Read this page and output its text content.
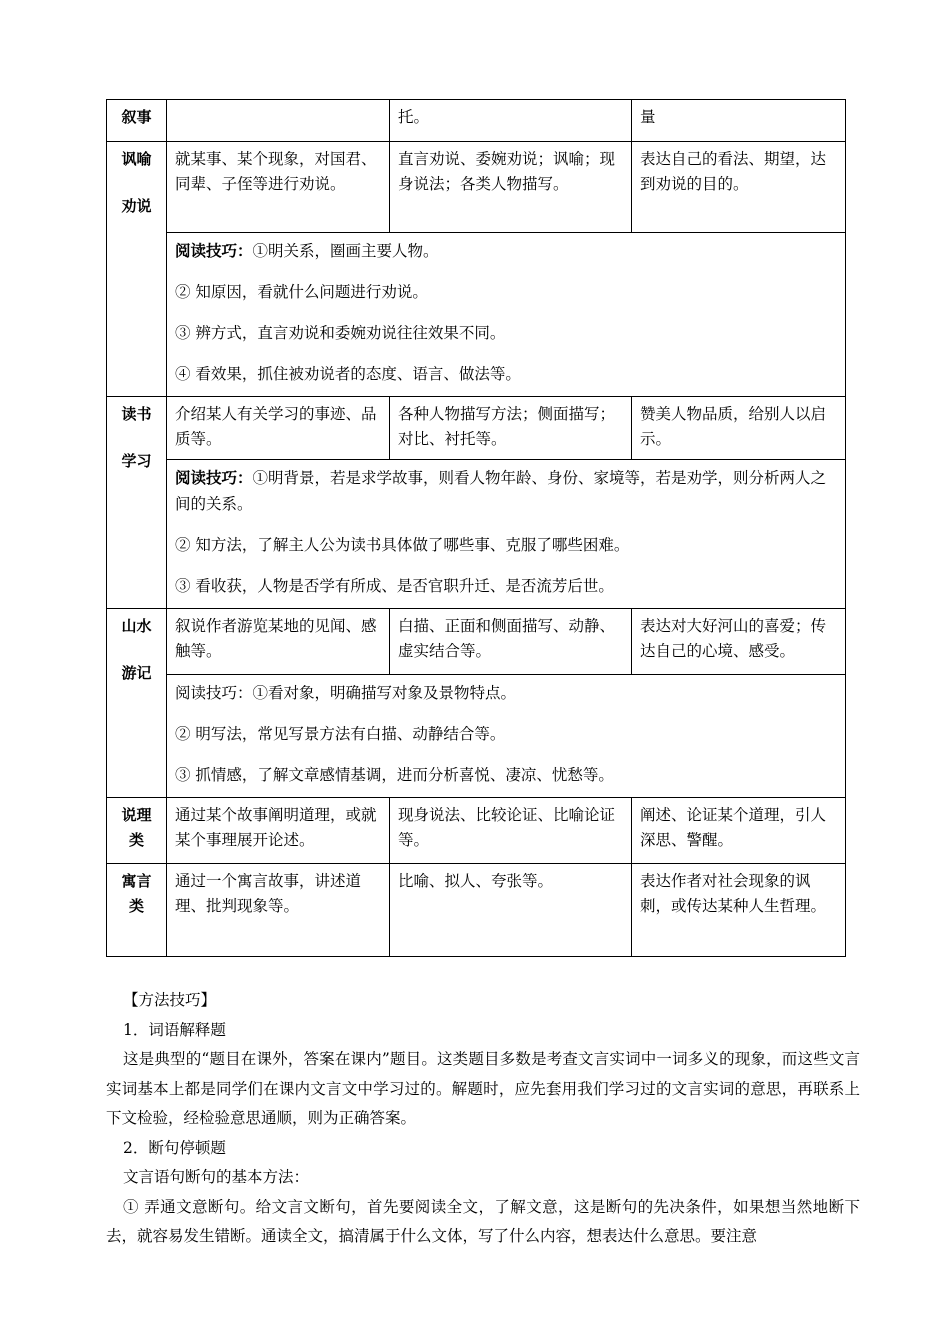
叙事		托。	量
讽喻
劝说	就某事、某个现象，对国君、同辈、子侄等进行劝说。	直言劝说、委婉劝说；讽喻；现身说法；各类人物描写。	表达自己的看法、期望，达到劝说的目的。

	阅读技巧：①明关系，圈画主要人物。

② 知原因，看就什么问题进行劝说。

③ 辨方式，直言劝说和委婉劝说往往效果不同。

④ 看效果，抓住被劝说者的态度、语言、做法等。		

读书
学习	介绍某人有关学习的事迹、品质等。	各种人物描写方法；侧面描写；对比、衬托等。	赞美人物品质，给别人以启示。

	阅读技巧：①明背景，若是求学故事，则看人物年龄、身份、家境等，若是劝学，则分析两人之间的关系。

② 知方法，了解主人公为读书具体做了哪些事、克服了哪些困难。

③ 看收获，人物是否学有所成、是否官职升迁、是否流芳后世。		

山水
游记	叙说作者游览某地的见闻、感触等。	白描、正面和侧面描写、动静、虚实结合等。	表达对大好河山的喜爱；传达自己的心境、感受。

	阅读技巧：①看对象，明确描写对象及景物特点。

② 明写法，常见写景方法有白描、动静结合等。

③ 抓情感，了解文章感情基调，进而分析喜悦、凄凉、忧愁等。		

说理类	通过某个故事阐明道理，或就某个事理展开论述。	现身说法、比较论证、比喻论证等。	阐述、论证某个道理，引人深思、警醒。
寓言类	通过一个寓言故事，讲述道理、批判现象等。	比喻、拟人、夸张等。	表达作者对社会现象的讽刺，或传达某种人生哲理。

【方法技巧】

1．词语解释题

这是典型的“题目在课外，答案在课内”题目。这类题目多数是考查文言实词中一词多义的现象，而这些文言实词基本上都是同学们在课内文言文中学习过的。解题时，应先套用我们学习过的文言实词的意思，再联系上下文检验，经检验意思通顺，则为正确答案。

2．断句停顿题

文言语句断句的基本方法：

① 弄通文意断句。给文言文断句，首先要阅读全文，了解文意，这是断句的先决条件，如果想当然地断下去，就容易发生错断。通读全文，搞清属于什么文体，写了什么内容，想表达什么意思。要注意
